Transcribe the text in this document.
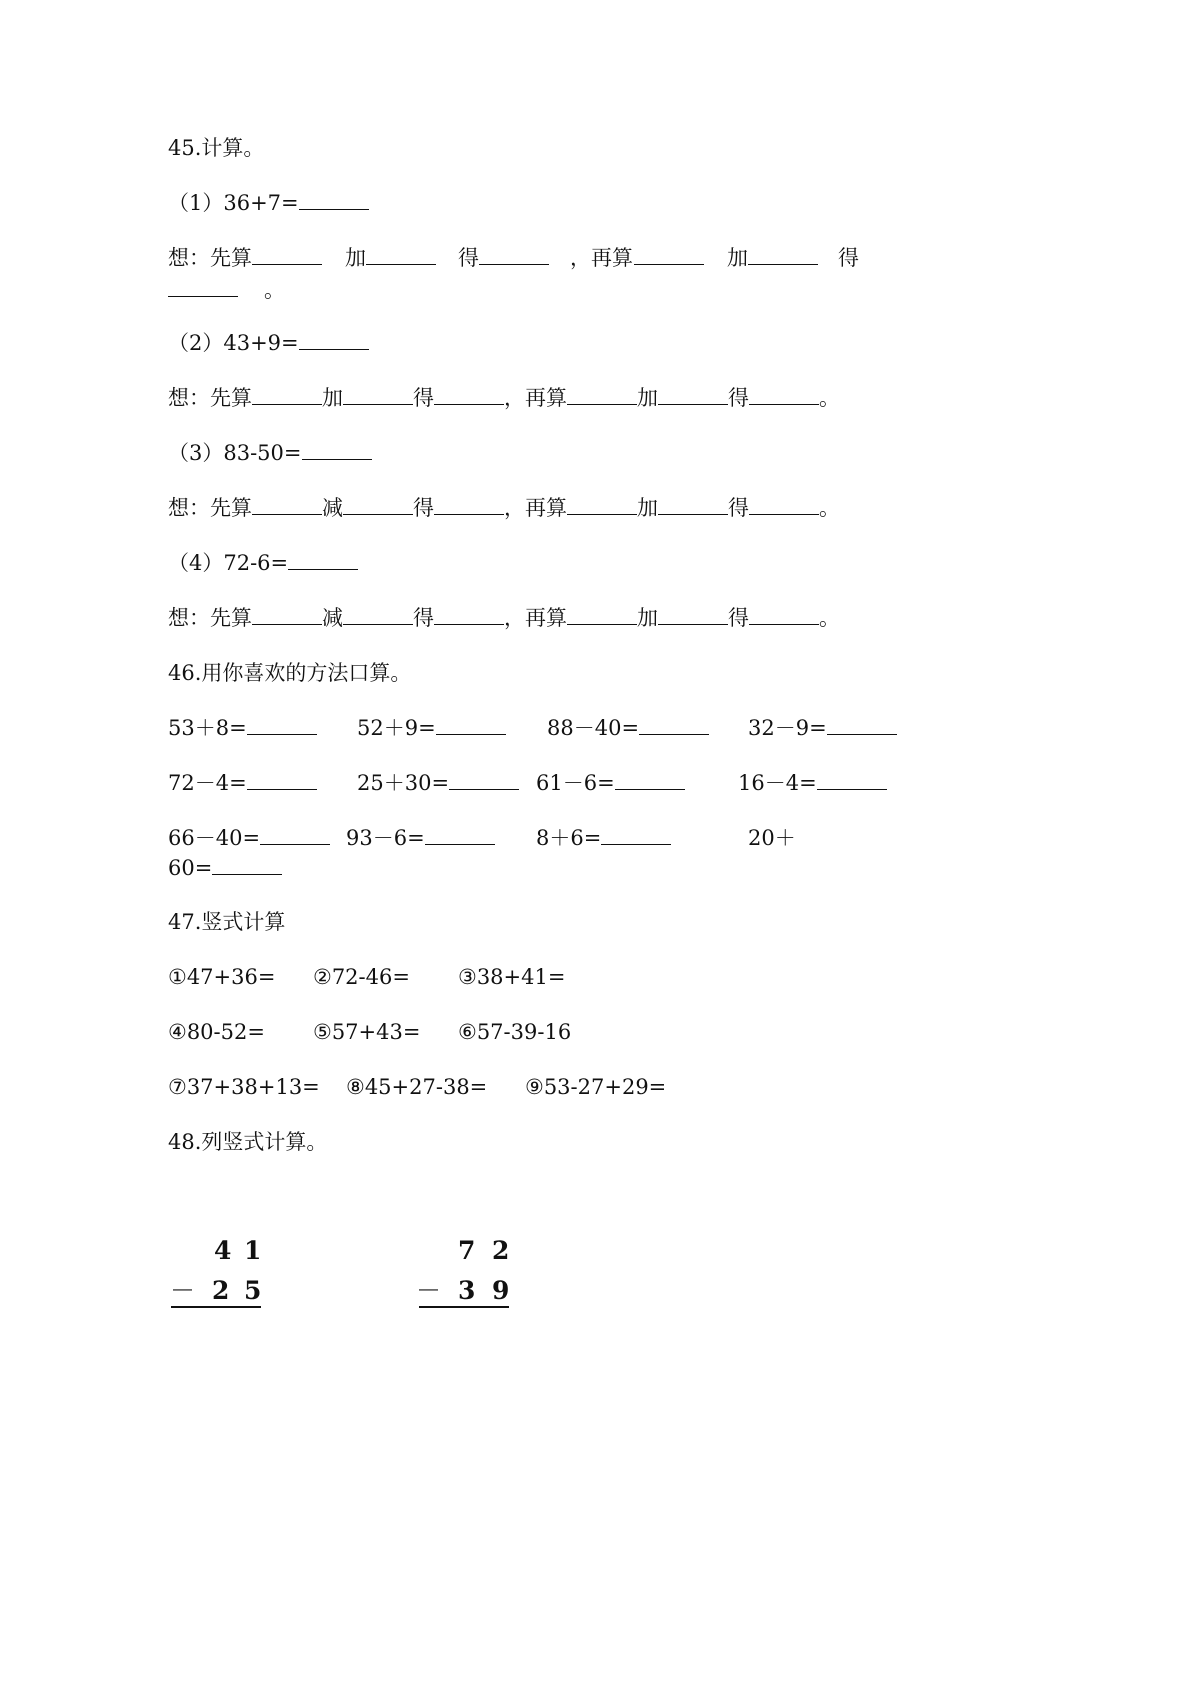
45.计算。
（1）36+7=
想：先算	加	得	，再算	加	得
。
（2）43+9=
想：先算	加	得	，再算	加	得	。
（3）83-50=
想：先算	减	得	，再算	加	得	。
（4）72-6=
想：先算	减	得	，再算	加	得	。
46.用你喜欢的方法口算。
53＋8=	52＋9=	88－40=	32－9=
72－4=	25＋30=	61－6=	16－4=
66－40=	93－6=	8＋6=	20＋
60=
47.竖式计算
①47+36= ②72-46= ③38+41=
④80-52= ⑤57+43= ⑥57-39-16
⑦37+38+13= ⑧45+27-38= ⑨53-27+29=
48.列竖式计算。
4 1
－ 2 5
7 2
－ 3 9
